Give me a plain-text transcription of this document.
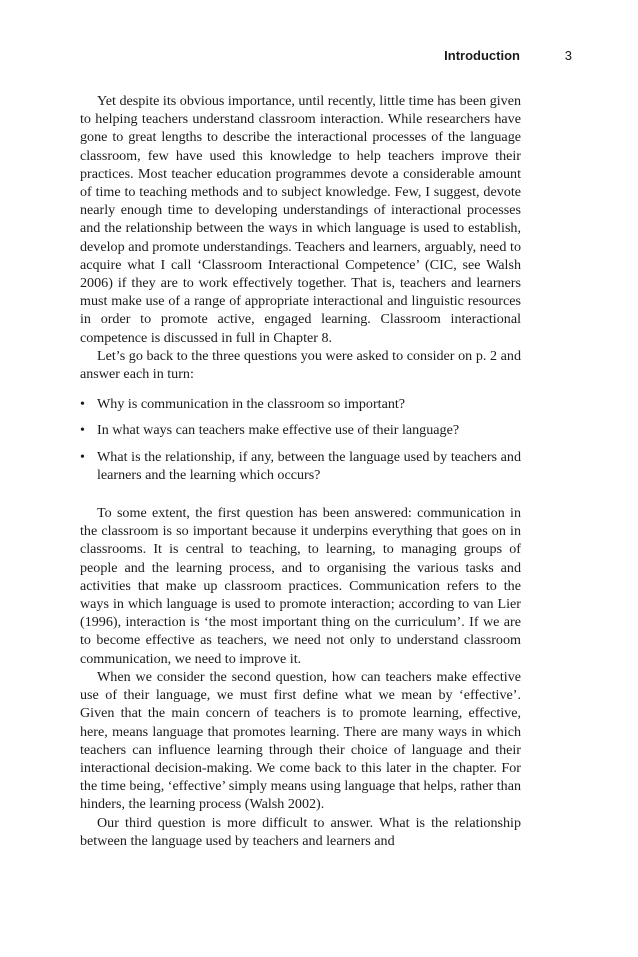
Introduction	3

Yet despite its obvious importance, until recently, little time has been given to helping teachers understand classroom interaction. While researchers have gone to great lengths to describe the interactional processes of the language classroom, few have used this knowledge to help teachers improve their practices. Most teacher education programmes devote a considerable amount of time to teaching methods and to subject knowledge. Few, I suggest, devote nearly enough time to developing understandings of interactional processes and the relationship between the ways in which language is used to establish, develop and promote understandings. Teachers and learners, arguably, need to acquire what I call ‘Classroom Interactional Competence’ (CIC, see Walsh 2006) if they are to work effectively together. That is, teachers and learners must make use of a range of appropriate interactional and linguistic resources in order to promote active, engaged learning. Classroom interactional competence is discussed in full in Chapter 8.

Let’s go back to the three questions you were asked to consider on p. 2 and answer each in turn:

• Why is communication in the classroom so important?
• In what ways can teachers make effective use of their language?
• What is the relationship, if any, between the language used by teachers and learners and the learning which occurs?

To some extent, the first question has been answered: communication in the classroom is so important because it underpins everything that goes on in classrooms. It is central to teaching, to learning, to managing groups of people and the learning process, and to organising the various tasks and activities that make up classroom practices. Communication refers to the ways in which language is used to promote interaction; according to van Lier (1996), interaction is ‘the most important thing on the curriculum’. If we are to become effective as teachers, we need not only to understand classroom communication, we need to improve it.

When we consider the second question, how can teachers make effective use of their language, we must first define what we mean by ‘effective’. Given that the main concern of teachers is to promote learning, effective, here, means language that promotes learning. There are many ways in which teachers can influence learning through their choice of language and their interactional decision-making. We come back to this later in the chapter. For the time being, ‘effective’ simply means using language that helps, rather than hinders, the learning process (Walsh 2002).

Our third question is more difficult to answer. What is the relationship between the language used by teachers and learners and
